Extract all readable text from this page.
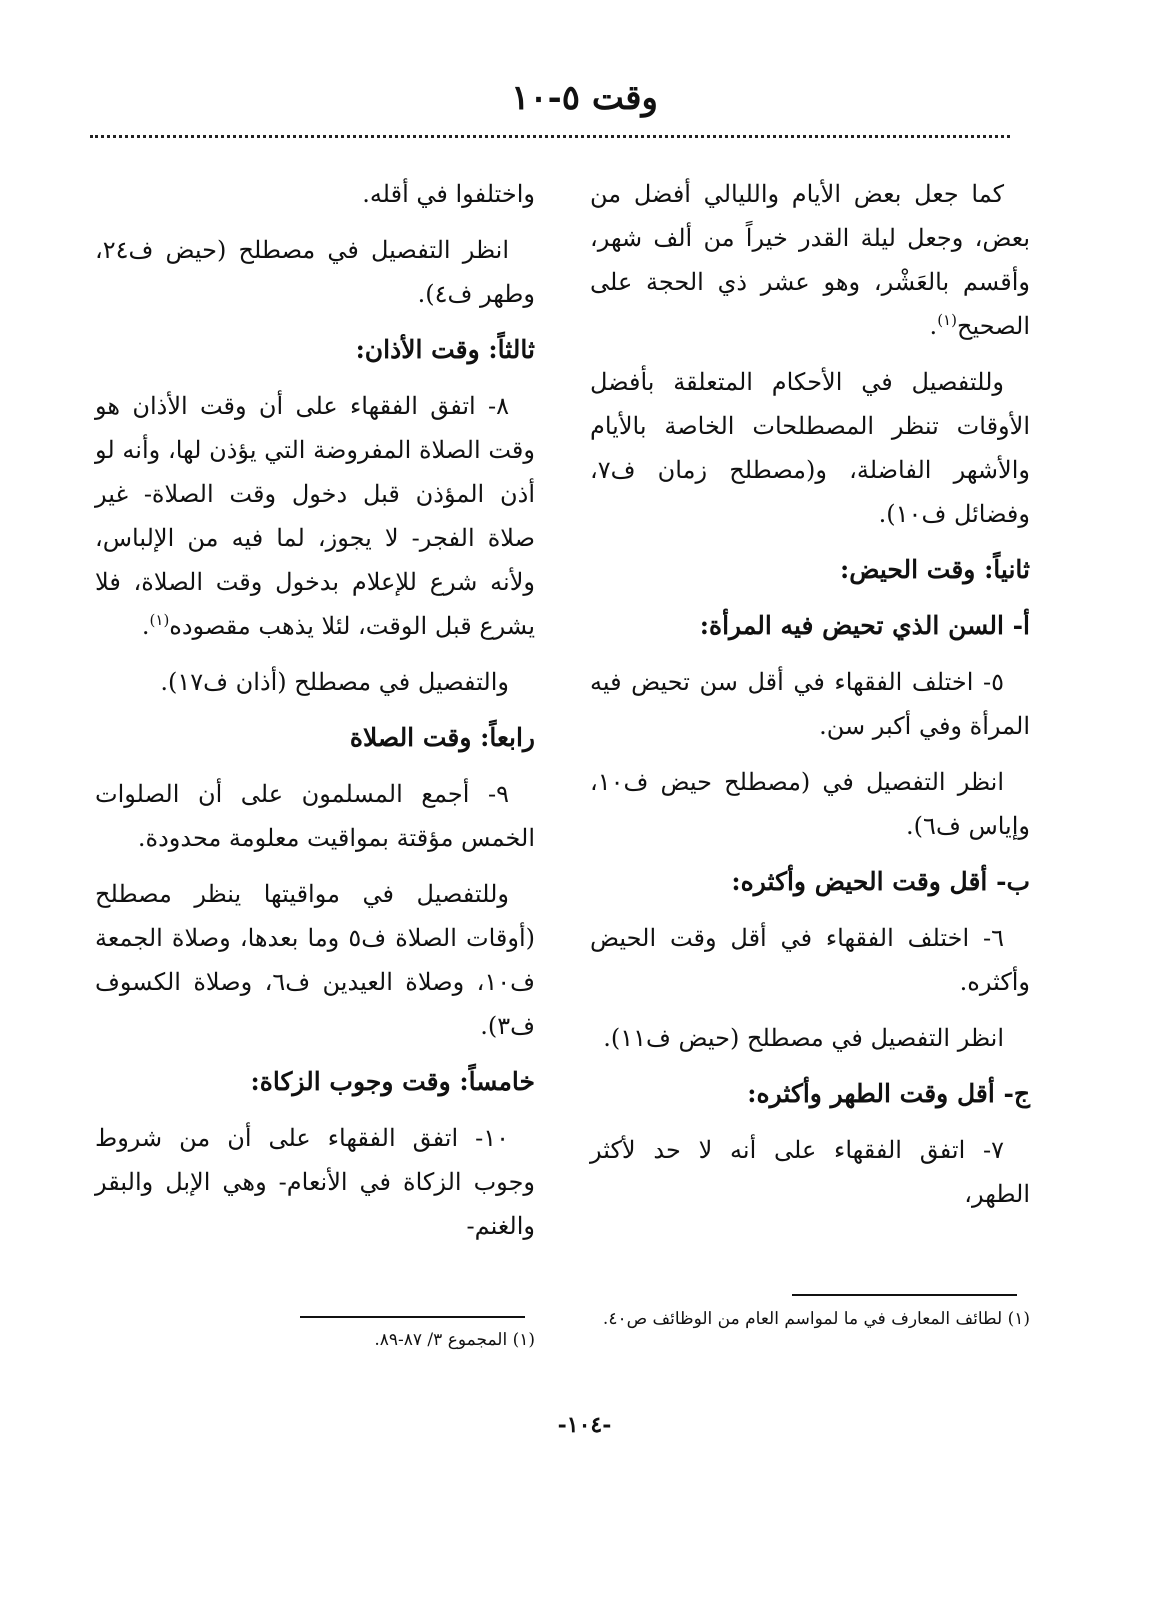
وقت ٥-١٠

كما جعل بعض الأيام والليالي أفضل من بعض، وجعل ليلة القدر خيراً من ألف شهر، وأقسم بالعَشْر، وهو عشر ذي الحجة على الصحيح$^{(١)}$.

وللتفصيل في الأحكام المتعلقة بأفضل الأوقات تنظر المصطلحات الخاصة بالأيام والأشهر الفاضلة، و(مصطلح زمان ف٧، وفضائل ف١٠).

ثانياً: وقت الحيض:
أ- السن الذي تحيض فيه المرأة:

٥- اختلف الفقهاء في أقل سن تحيض فيه المرأة وفي أكبر سن.

انظر التفصيل في (مصطلح حيض ف١٠، وإياس ف٦).

ب- أقل وقت الحيض وأكثره:

٦- اختلف الفقهاء في أقل وقت الحيض وأكثره.

انظر التفصيل في مصطلح (حيض ف١١).

ج- أقل وقت الطهر وأكثره:

٧- اتفق الفقهاء على أنه لا حد لأكثر الطهر،

واختلفوا في أقله.

انظر التفصيل في مصطلح (حيض ف٢٤، وطهر ف٤).

ثالثاً: وقت الأذان:

٨- اتفق الفقهاء على أن وقت الأذان هو وقت الصلاة المفروضة التي يؤذن لها، وأنه لو أذن المؤذن قبل دخول وقت الصلاة- غير صلاة الفجر- لا يجوز، لما فيه من الإلباس، ولأنه شرع للإعلام بدخول وقت الصلاة، فلا يشرع قبل الوقت، لئلا يذهب مقصوده$^{(١)}$.

والتفصيل في مصطلح (أذان ف١٧).

رابعاً: وقت الصلاة

٩- أجمع المسلمون على أن الصلوات الخمس مؤقتة بمواقيت معلومة محدودة.

وللتفصيل في مواقيتها ينظر مصطلح (أوقات الصلاة ف٥ وما بعدها، وصلاة الجمعة ف١٠، وصلاة العيدين ف٦، وصلاة الكسوف ف٣).

خامساً: وقت وجوب الزكاة:

١٠- اتفق الفقهاء على أن من شروط وجوب الزكاة في الأنعام- وهي الإبل والبقر والغنم-

(١) لطائف المعارف في ما لمواسم العام من الوظائف ص٤٠.
(١) المجموع ٣/ ٨٧-٨٩.
-١٠٤-
